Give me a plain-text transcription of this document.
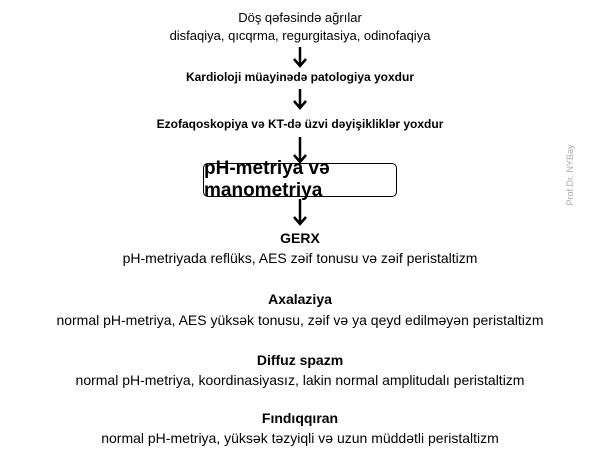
Döş qəfəsində ağrılar
disfaqiya, qıcqrma, regurgitasiya, odinofaqiya
Kardioloji müayinədə patologiya yoxdur
Ezofaqoskopiya və KT-də üzvi dəyişikliklər yoxdur
pH-metriya və manometriya
GERX
pH-metriyada reflüks, AES zəif tonusu və zəif peristaltizm
Axalaziya
normal pH-metriya, AES yüksək tonusu, zəif və ya qeyd edilməyən peristaltizm
Diffuz spazm
normal pH-metriya, koordinasiyasız, lakin normal amplitudalı peristaltizm
Fındıqqıran
normal pH-metriya, yüksək təzyiqli və uzun müddətli peristaltizm
Prof.Dr. NYBay
